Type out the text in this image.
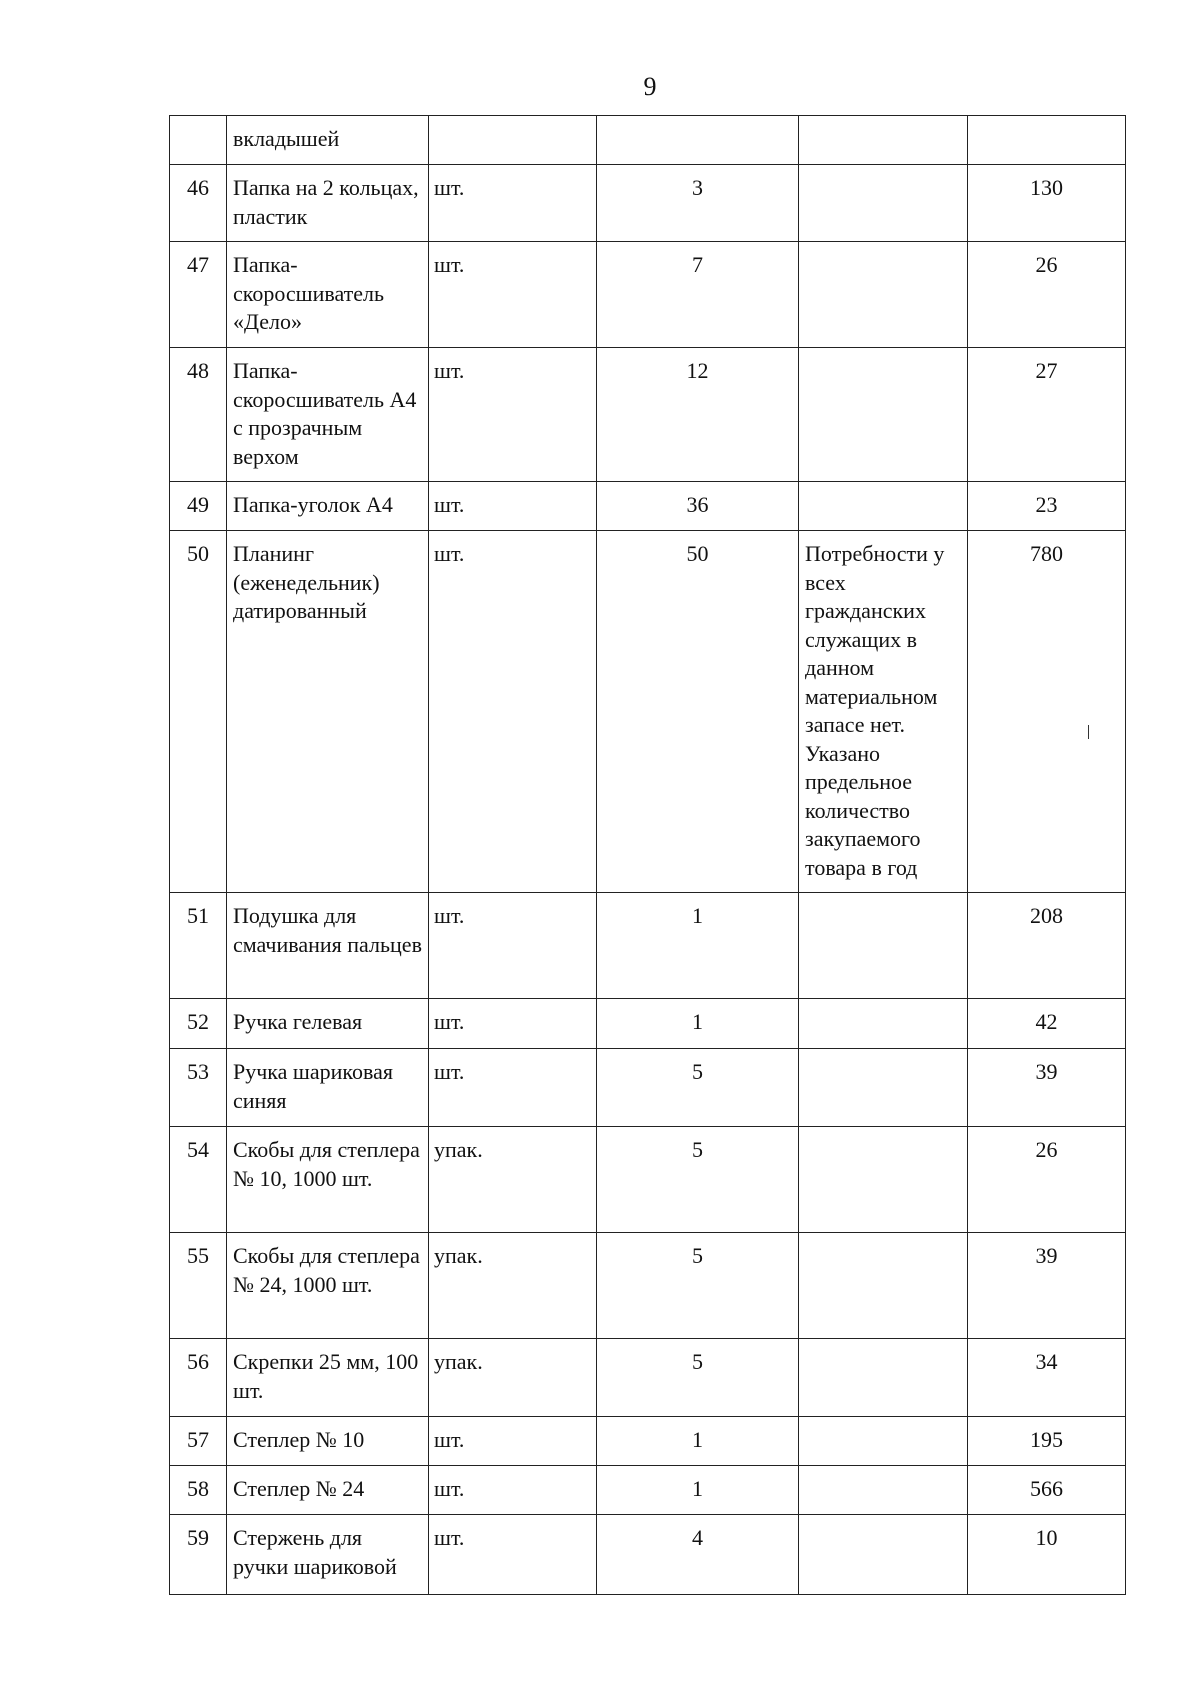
9
	вкладышей				
46	Папка на 2 кольцах, пластик	шт.	3		130
47	Папка-скоросшиватель «Дело»	шт.	7		26
48	Папка-скоросшиватель А4 с прозрачным верхом	шт.	12		27
49	Папка-уголок А4	шт.	36		23
50	Планинг (еженедельник) датированный	шт.	50	Потребности у всех гражданских служащих в данном материальном запасе нет. Указано предельное количество закупаемого товара в год	780
51	Подушка для смачивания пальцев	шт.	1		208
52	Ручка гелевая	шт.	1		42
53	Ручка шариковая синяя	шт.	5		39
54	Скобы для степлера № 10, 1000 шт.	упак.	5		26
55	Скобы для степлера № 24, 1000 шт.	упак.	5		39
56	Скрепки 25 мм, 100 шт.	упак.	5		34
57	Степлер № 10	шт.	1		195
58	Степлер № 24	шт.	1		566
59	Стержень для ручки шариковой	шт.	4		10
